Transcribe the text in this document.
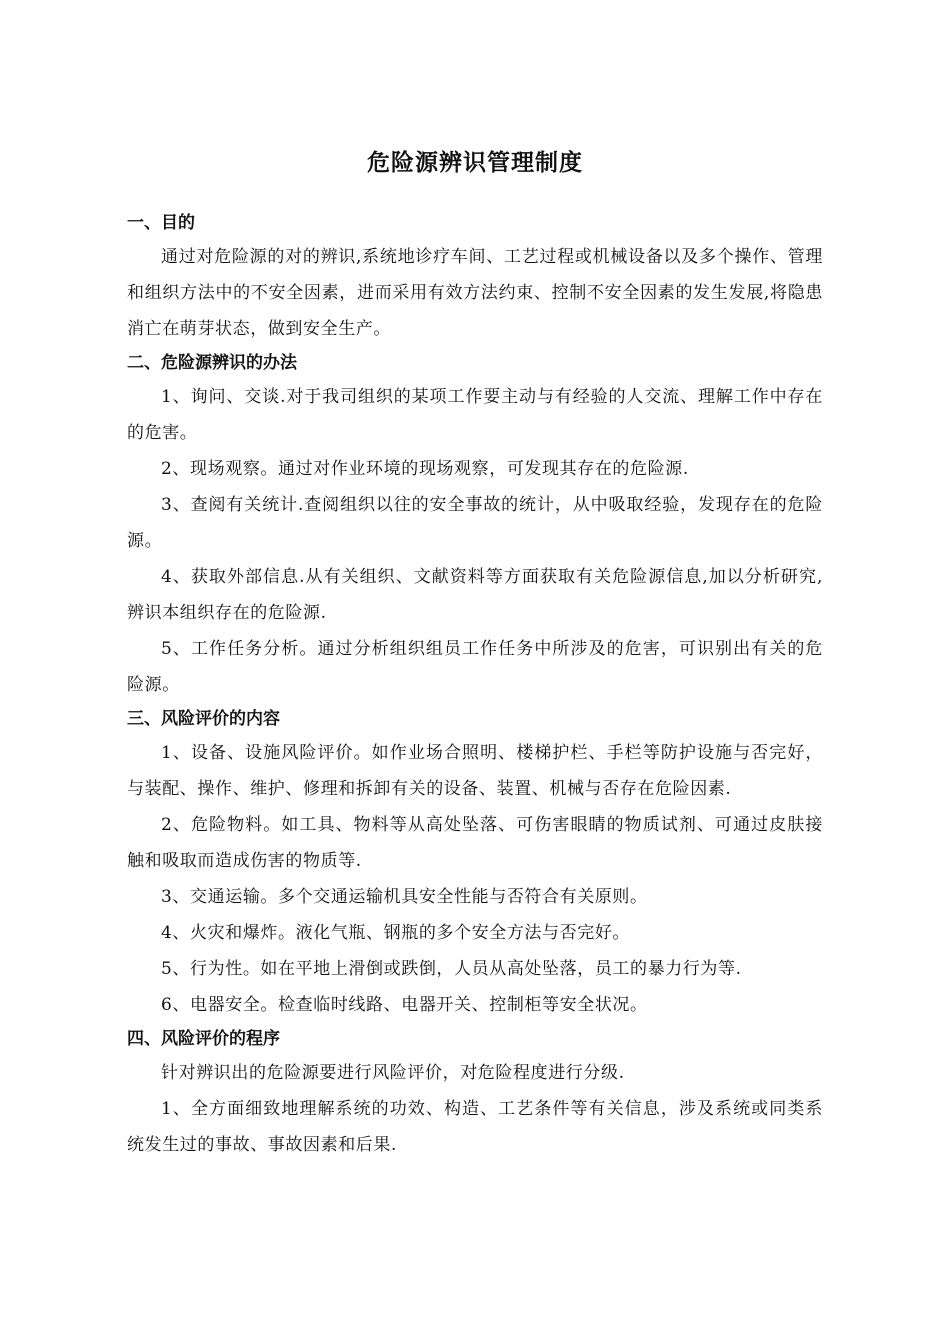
危险源辨识管理制度

一、目的

通过对危险源的对的辨识,系统地诊疗车间、工艺过程或机械设备以及多个操作、管理和组织方法中的不安全因素，进而采用有效方法约束、控制不安全因素的发生发展,将隐患消亡在萌芽状态，做到安全生产。

二、危险源辨识的办法

1、询问、交谈.对于我司组织的某项工作要主动与有经验的人交流、理解工作中存在的危害。

2、现场观察。通过对作业环境的现场观察，可发现其存在的危险源.

3、查阅有关统计.查阅组织以往的安全事故的统计，从中吸取经验，发现存在的危险源。

4、获取外部信息.从有关组织、文献资料等方面获取有关危险源信息,加以分析研究,辨识本组织存在的危险源.

5、工作任务分析。通过分析组织组员工作任务中所涉及的危害，可识别出有关的危险源。

三、风险评价的内容

1、设备、设施风险评价。如作业场合照明、楼梯护栏、手栏等防护设施与否完好，与装配、操作、维护、修理和拆卸有关的设备、装置、机械与否存在危险因素.

2、危险物料。如工具、物料等从高处坠落、可伤害眼睛的物质试剂、可通过皮肤接触和吸取而造成伤害的物质等.

3、交通运输。多个交通运输机具安全性能与否符合有关原则。

4、火灾和爆炸。液化气瓶、钢瓶的多个安全方法与否完好。

5、行为性。如在平地上滑倒或跌倒，人员从高处坠落，员工的暴力行为等.

6、电器安全。检查临时线路、电器开关、控制柜等安全状况。

四、风险评价的程序

针对辨识出的危险源要进行风险评价，对危险程度进行分级.

1、全方面细致地理解系统的功效、构造、工艺条件等有关信息，涉及系统或同类系统发生过的事故、事故因素和后果.
